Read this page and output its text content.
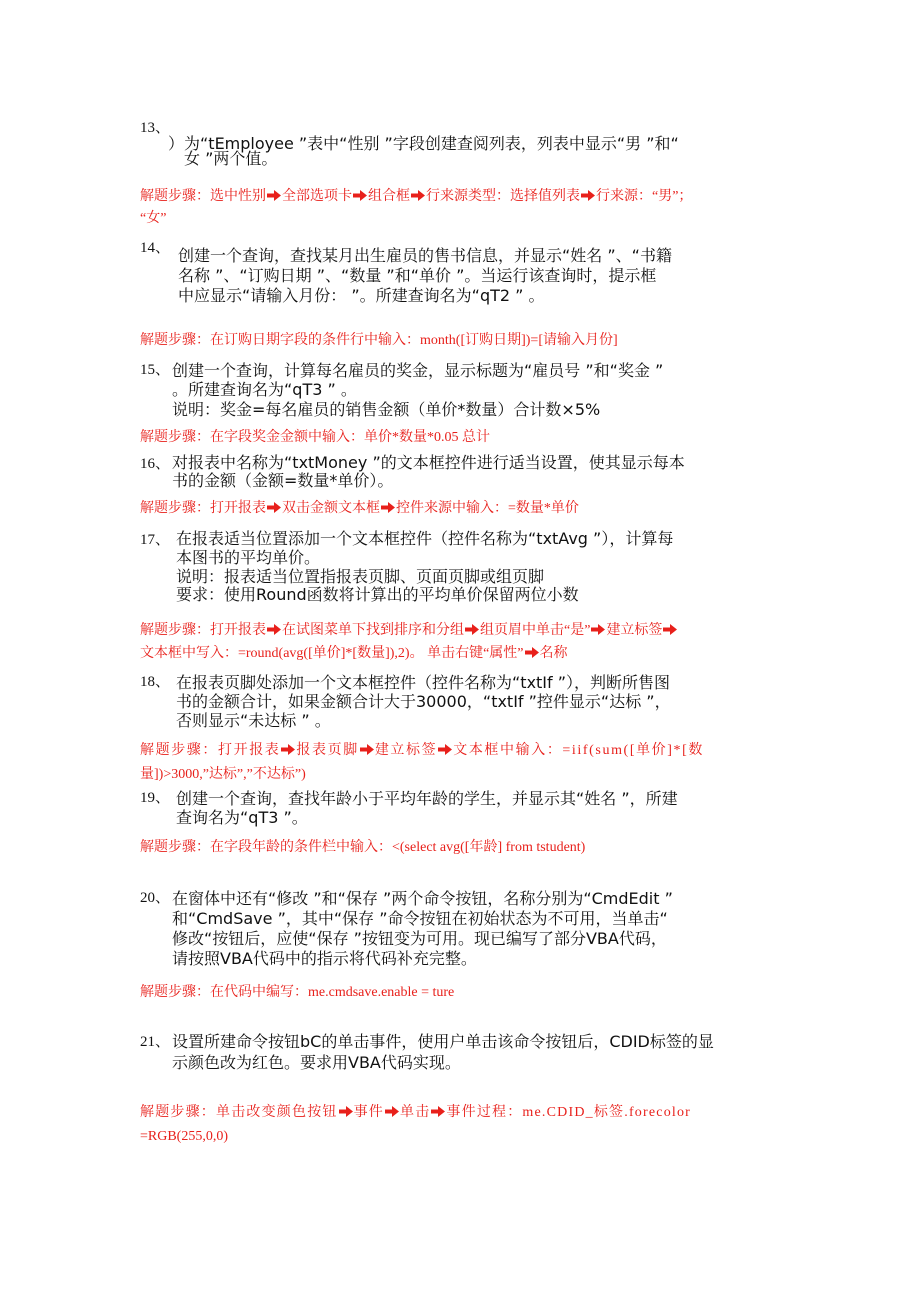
13、
）为“tEmployee ”表中“性别 ”字段创建查阅列表，列表中显示“男 ”和“
女 ”两个值。
解题步骤：选中性别 全部选项卡 组合框 行来源类型：选择值列表 行来源：“男”；
“女”
14、 创建一个查询，查找某月出生雇员的售书信息，并显示“姓名 ”、“书籍
名称 ”、“订购日期 ”、“数量 ”和“单价 ”。当运行该查询时，提示框
中应显示“请输入月份： ”。所建查询名为“qT2 ” 。
解题步骤：在订购日期字段的条件行中输入：month([订购日期])=[请输入月份]
15、 创建一个查询，计算每名雇员的奖金，显示标题为“雇员号 ”和“奖金 ”
。所建查询名为“qT3 ” 。
说明：奖金=每名雇员的销售金额（单价*数量）合计数×5%
解题步骤：在字段奖金金额中输入：单价*数量*0.05 总计
16、 对报表中名称为“txtMoney ”的文本框控件进行适当设置，使其显示每本
书的金额（金额=数量*单价）。
解题步骤：打开报表 双击金额文本框 控件来源中输入：=数量*单价
17、 在报表适当位置添加一个文本框控件（控件名称为“txtAvg ”），计算每
本图书的平均单价。
说明：报表适当位置指报表页脚、页面页脚或组页脚
要求：使用Round函数将计算出的平均单价保留两位小数
解题步骤：打开报表 在试图菜单下找到排序和分组 组页眉中单击“是” 建立标签
文本框中写入：=round(avg([单价]*[数量]),2)。 单击右键“属性” 名称
18、 在报表页脚处添加一个文本框控件（控件名称为“txtIf ”），判断所售图
书的金额合计，如果金额合计大于30000，“txtIf ”控件显示“达标 ”，
否则显示“未达标 ” 。
解题步骤：打开报表 报表页脚 建立标签 文本框中输入：=iif(sum([单价]*[数
量])>3000,”达标”,”不达标”)
19、 创建一个查询，查找年龄小于平均年龄的学生，并显示其“姓名 ”，所建
查询名为“qT3 ”。
解题步骤：在字段年龄的条件栏中输入：<(select avg([年龄] from tstudent)
20、 在窗体中还有“修改 ”和“保存 ”两个命令按钮，名称分别为“CmdEdit ”
和“CmdSave ”，其中“保存 ”命令按钮在初始状态为不可用，当单击“
修改“按钮后，应使“保存 ”按钮变为可用。现已编写了部分VBA代码，
请按照VBA代码中的指示将代码补充完整。
解题步骤：在代码中编写：me.cmdsave.enable = ture
21、 设置所建命令按钮bC的单击事件，使用户单击该命令按钮后，CDID标签的显
示颜色改为红色。要求用VBA代码实现。
解题步骤：单击改变颜色按钮 事件 单击 事件过程：me.CDID_标签.forecolor
=RGB(255,0,0)
